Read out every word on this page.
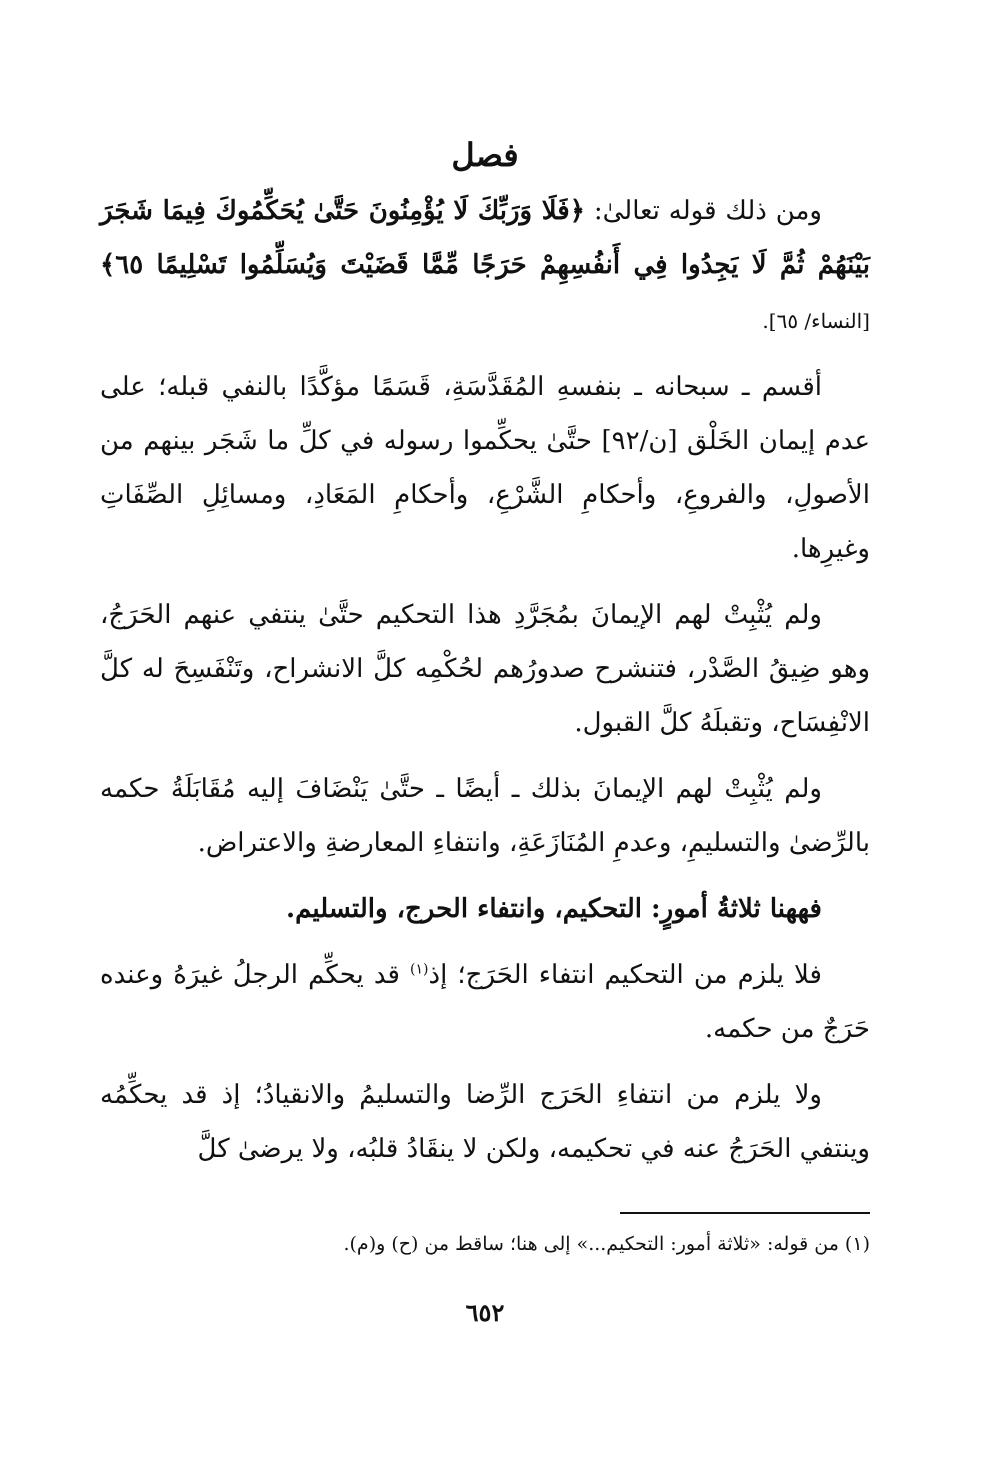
فصل

ومن ذلك قوله تعالىٰ: ﴿فَلَا وَرَبِّكَ لَا يُؤْمِنُونَ حَتَّىٰ يُحَكِّمُوكَ فِيمَا شَجَرَ بَيْنَهُمْ ثُمَّ لَا يَجِدُوا فِي أَنفُسِهِمْ حَرَجًا مِّمَّا قَضَيْتَ وَيُسَلِّمُوا تَسْلِيمًا ٦٥﴾ [النساء/ ٦٥].

أقسم ـ سبحانه ـ بنفسهِ المُقَدَّسَةِ، قَسَمًا مؤكَّدًا بالنفي قبله؛ على عدم إيمان الخَلْق [ن/٩٢] حتَّىٰ يحكِّموا رسوله في كلِّ ما شَجَر بينهم من الأصولِ، والفروعِ، وأحكامِ الشَّرْعِ، وأحكامِ المَعَادِ، ومسائِلِ الصِّفَاتِ وغيرِها.

ولم يُثْبِتْ لهم الإيمانَ بمُجَرَّدِ هذا التحكيم حتَّىٰ ينتفي عنهم الحَرَجُ، وهو ضِيقُ الصَّدْر، فتنشرح صدورُهم لحُكْمِه كلَّ الانشراح، وتَنْفَسِحَ له كلَّ الانْفِسَاح، وتقبلَهُ كلَّ القبول.

ولم يُثْبِتْ لهم الإيمانَ بذلك ـ أيضًا ـ حتَّىٰ يَنْضَافَ إليه مُقَابَلَةُ حكمه بالرِّضىٰ والتسليمِ، وعدمِ المُنَازَعَةِ، وانتفاءِ المعارضةِ والاعتراض.

فههنا ثلاثةُ أمورٍ: التحكيم، وانتفاء الحرج، والتسليم.

فلا يلزم من التحكيم انتفاء الحَرَج؛ إذ$^{(١)}$ قد يحكِّم الرجلُ غيرَهُ وعنده حَرَجٌ من حكمه.

ولا يلزم من انتفاءِ الحَرَج الرِّضا والتسليمُ والانقيادُ؛ إذ قد يحكِّمُه وينتفي الحَرَجُ عنه في تحكيمه، ولكن لا ينقَادُ قلبُه، ولا يرضىٰ كلَّ

(١) من قوله: «ثلاثة أمور: التحكيم...» إلى هنا؛ ساقط من (ح) و(م).

٦٥٢
